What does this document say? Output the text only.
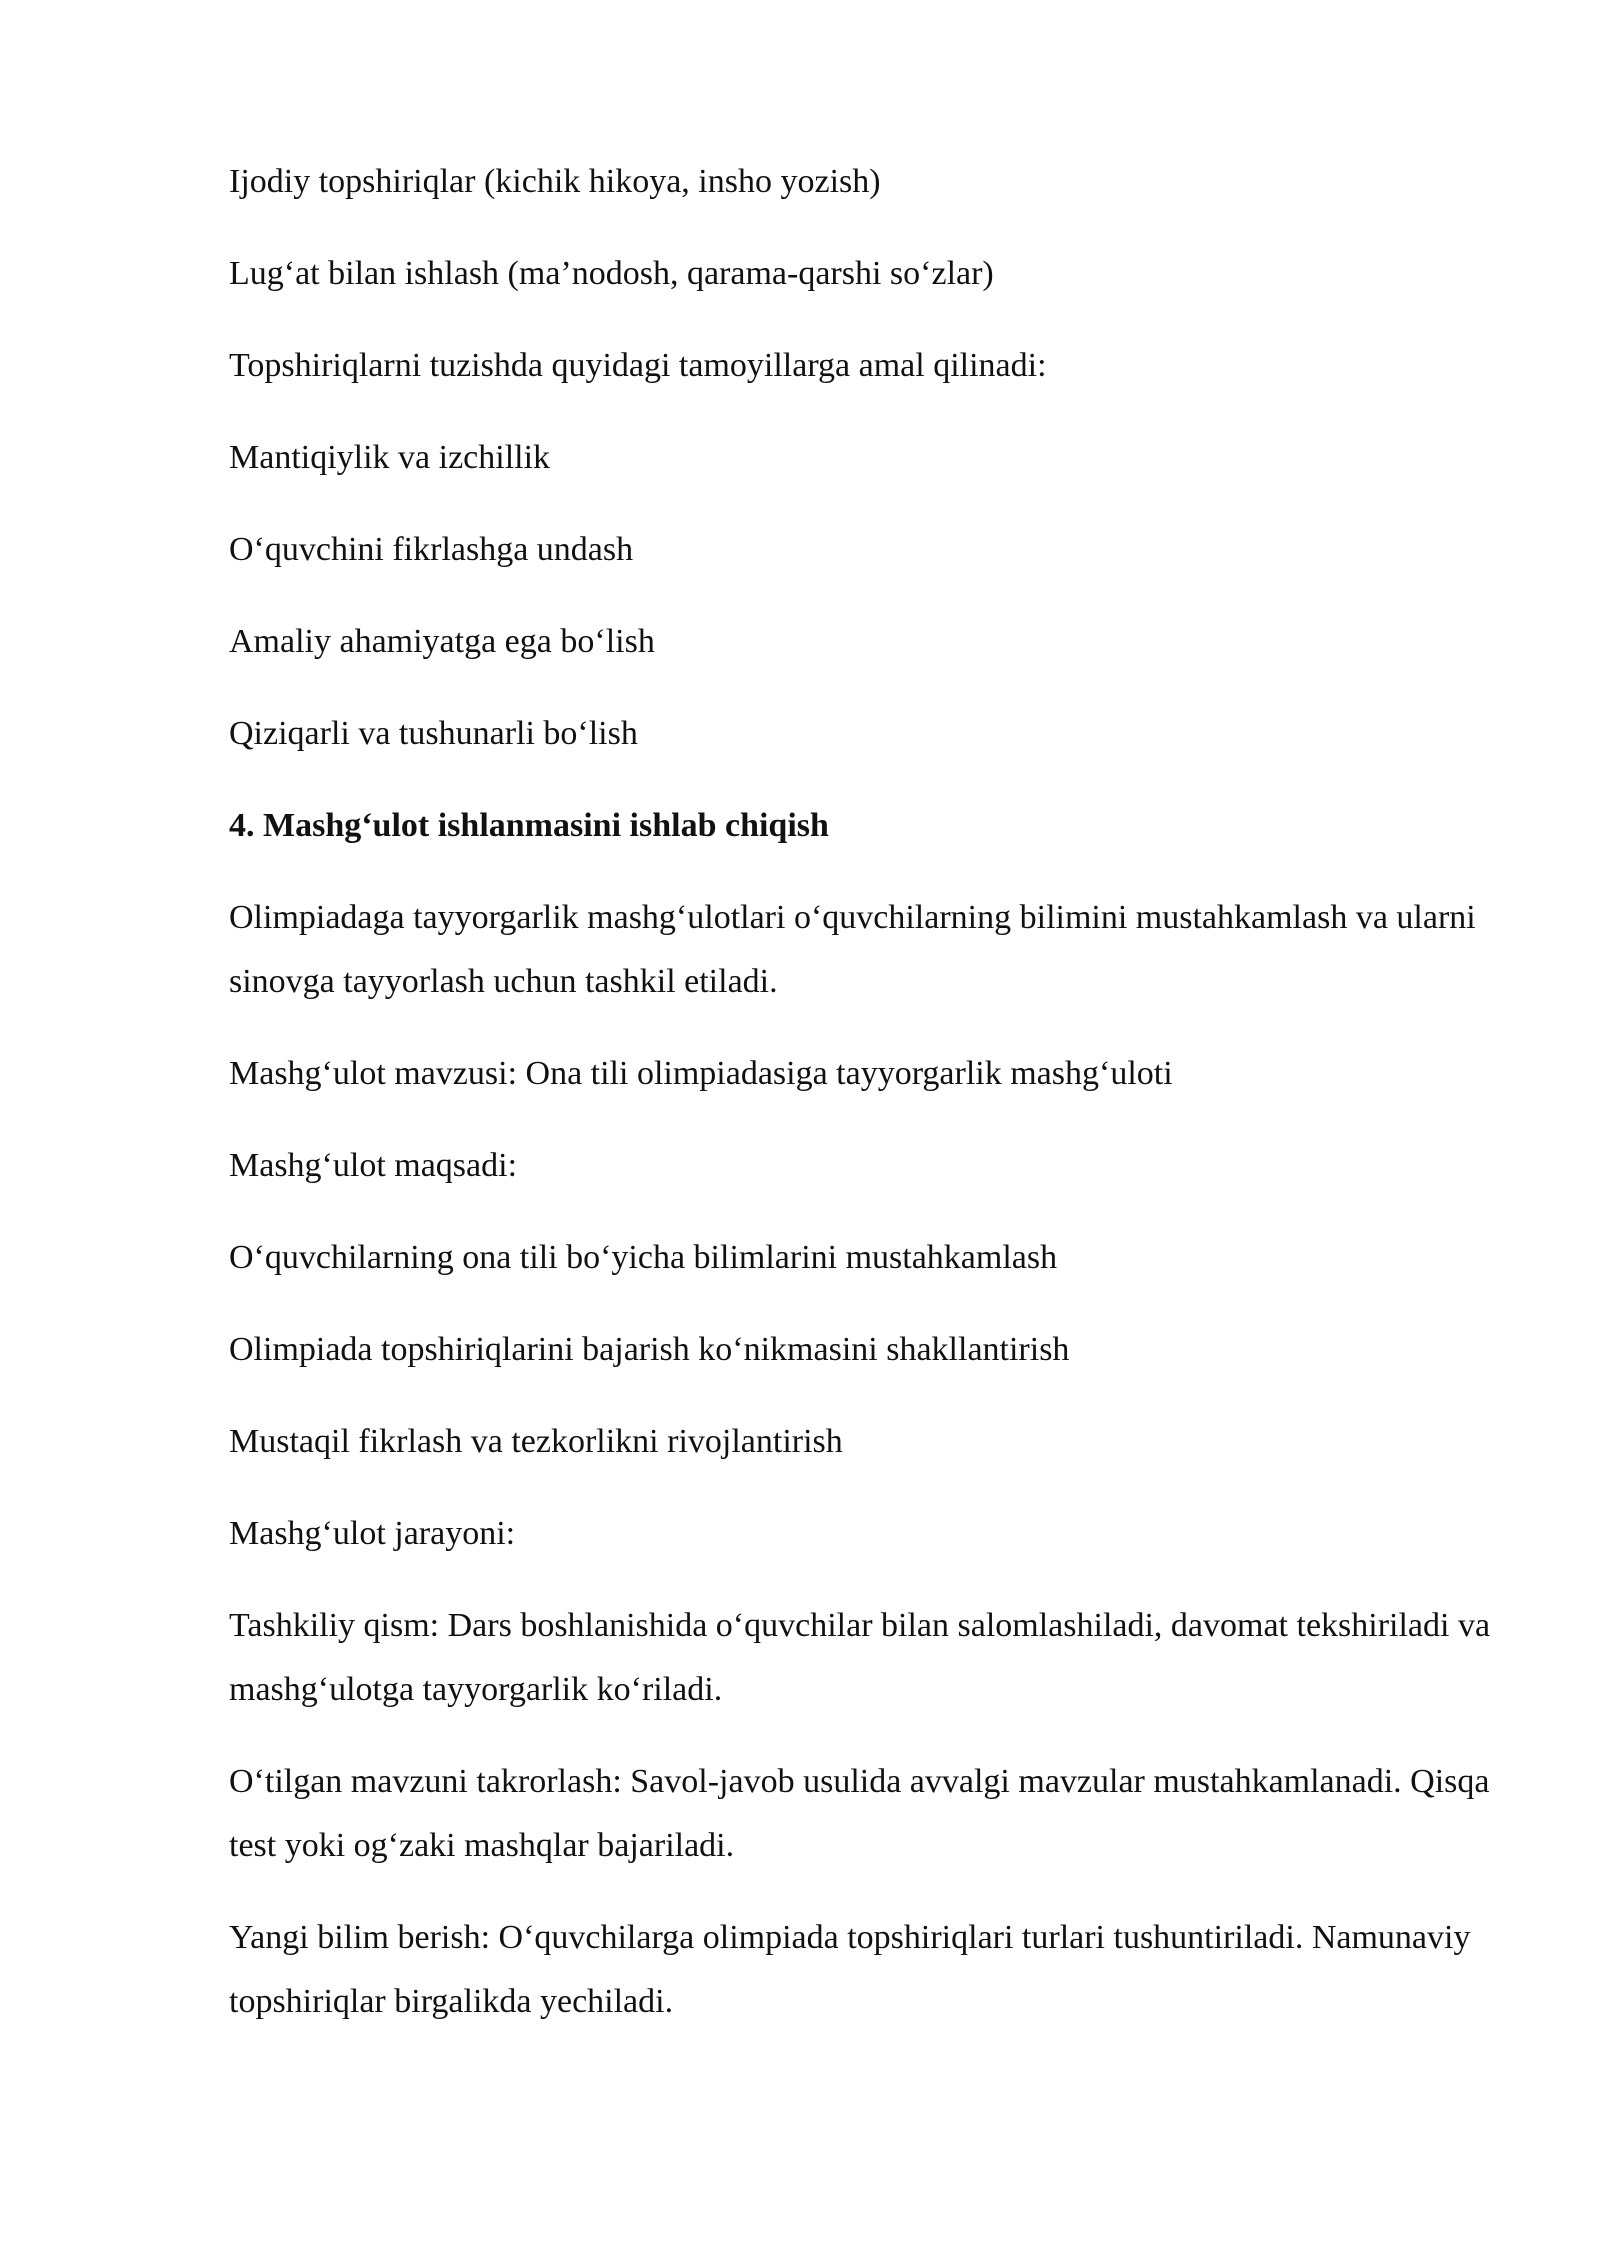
Ijodiy topshiriqlar (kichik hikoya, insho yozish)

Lug‘at bilan ishlash (ma’nodosh, qarama-qarshi so‘zlar)

Topshiriqlarni tuzishda quyidagi tamoyillarga amal qilinadi:

Mantiqiylik va izchillik

O‘quvchini fikrlashga undash

Amaliy ahamiyatga ega bo‘lish

Qiziqarli va tushunarli bo‘lish

4. Mashg‘ulot ishlanmasini ishlab chiqish

Olimpiadaga tayyorgarlik mashg‘ulotlari o‘quvchilarning bilimini mustahkamlash va ularni sinovga tayyorlash uchun tashkil etiladi.

Mashg‘ulot mavzusi: Ona tili olimpiadasiga tayyorgarlik mashg‘uloti

Mashg‘ulot maqsadi:

O‘quvchilarning ona tili bo‘yicha bilimlarini mustahkamlash

Olimpiada topshiriqlarini bajarish ko‘nikmasini shakllantirish

Mustaqil fikrlash va tezkorlikni rivojlantirish

Mashg‘ulot jarayoni:

Tashkiliy qism: Dars boshlanishida o‘quvchilar bilan salomlashiladi, davomat tekshiriladi va mashg‘ulotga tayyorgarlik ko‘riladi.

O‘tilgan mavzuni takrorlash: Savol-javob usulida avvalgi mavzular mustahkamlanadi. Qisqa test yoki og‘zaki mashqlar bajariladi.

Yangi bilim berish: O‘quvchilarga olimpiada topshiriqlari turlari tushuntiriladi. Namunaviy topshiriqlar birgalikda yechiladi.
